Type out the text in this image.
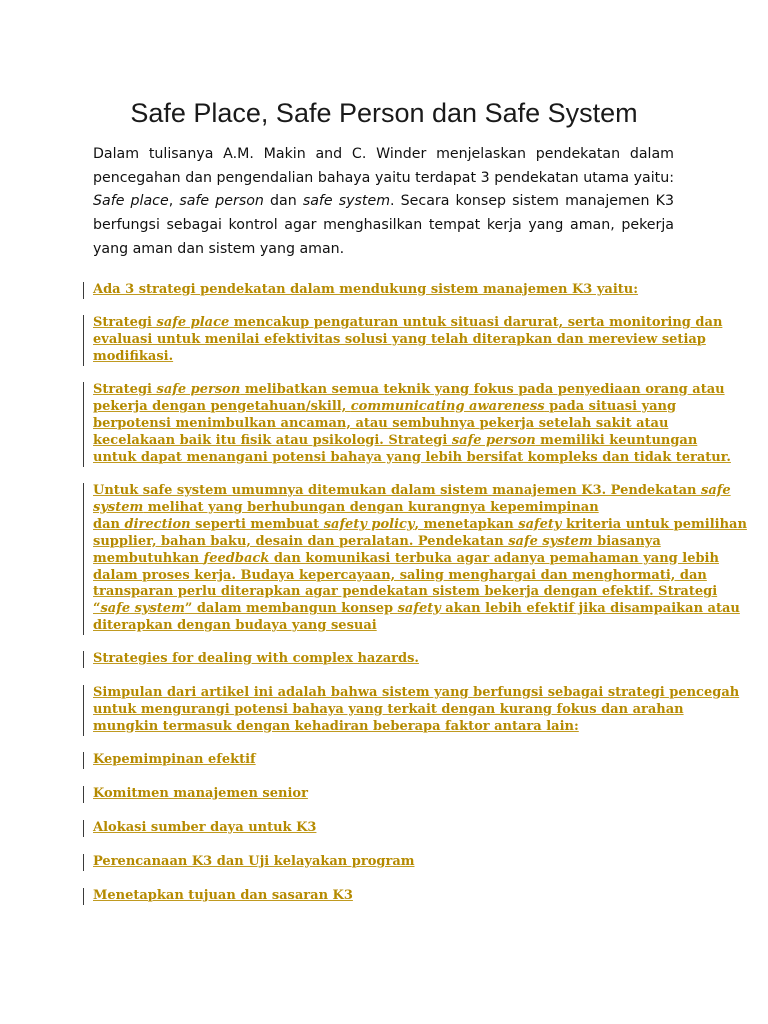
Safe Place, Safe Person dan Safe System

Dalam tulisanya A.M. Makin and C. Winder menjelaskan pendekatan dalam pencegahan dan pengendalian bahaya yaitu terdapat 3 pendekatan utama yaitu: Safe place, safe person dan safe system. Secara konsep sistem manajemen K3 berfungsi sebagai kontrol agar menghasilkan tempat kerja yang aman, pekerja yang aman dan sistem yang aman.

Ada 3 strategi pendekatan dalam mendukung sistem manajemen K3 yaitu:

Strategi safe place mencakup pengaturan untuk situasi darurat, serta monitoring dan
evaluasi untuk menilai efektivitas solusi yang telah diterapkan dan mereview setiap
modifikasi.

Strategi safe person melibatkan semua teknik yang fokus pada penyediaan orang atau
pekerja dengan pengetahuan/skill, communicating awareness pada situasi yang
berpotensi menimbulkan ancaman, atau sembuhnya pekerja setelah sakit atau
kecelakaan baik itu fisik atau psikologi. Strategi safe person memiliki keuntungan
untuk dapat menangani potensi bahaya yang lebih bersifat kompleks dan tidak teratur.

Untuk safe system umumnya ditemukan dalam sistem manajemen K3. Pendekatan safe
system melihat yang berhubungan dengan kurangnya kepemimpinan
dan direction seperti membuat safety policy, menetapkan safety kriteria untuk pemilihan
supplier, bahan baku, desain dan peralatan. Pendekatan safe system biasanya
membutuhkan feedback dan komunikasi terbuka agar adanya pemahaman yang lebih
dalam proses kerja. Budaya kepercayaan, saling menghargai dan menghormati, dan
transparan perlu diterapkan agar pendekatan sistem bekerja dengan efektif. Strategi
“safe system” dalam membangun konsep safety akan lebih efektif jika disampaikan atau
diterapkan dengan budaya yang sesuai

Strategies for dealing with complex hazards.

Simpulan dari artikel ini adalah bahwa sistem yang berfungsi sebagai strategi pencegah
untuk mengurangi potensi bahaya yang terkait dengan kurang fokus dan arahan
mungkin termasuk dengan kehadiran beberapa faktor antara lain:

Kepemimpinan efektif

Komitmen manajemen senior

Alokasi sumber daya untuk K3

Perencanaan K3 dan Uji kelayakan program

Menetapkan tujuan dan sasaran K3
